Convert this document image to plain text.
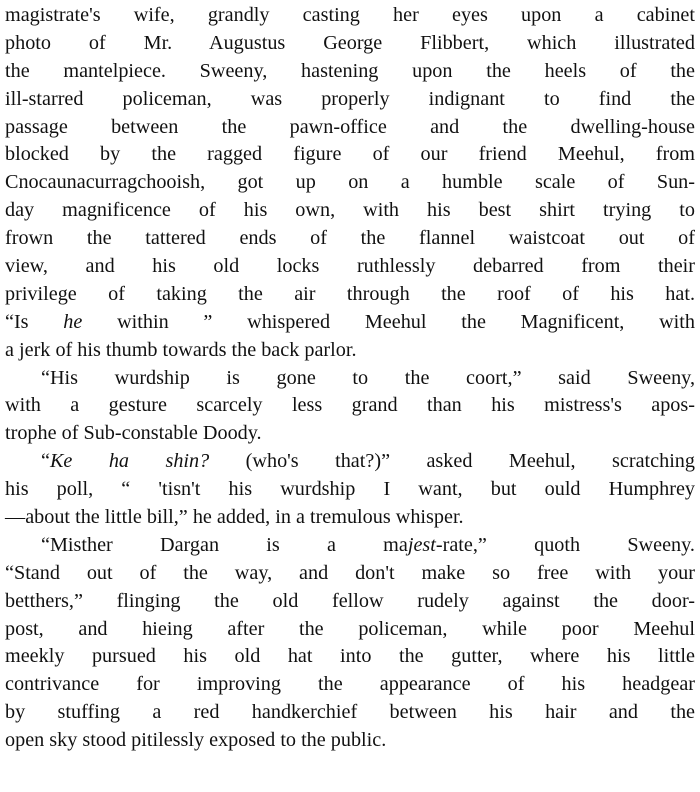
magistrate's wife, grandly casting her eyes upon a cabinet
photo of Mr. Augustus George Flibbert, which illustrated
the mantelpiece. Sweeny, hastening upon the heels of the
ill-starred policeman, was properly indignant to find the
passage between the pawn-office and the dwelling-house
blocked by the ragged figure of our friend Meehul, from
Cnocaunacurragchooish, got up on a humble scale of Sun-
day magnificence of his own, with his best shirt trying to
frown the tattered ends of the flannel waistcoat out of
view, and his old locks ruthlessly debarred from their
privilege of taking the air through the roof of his hat.
“Is he within ” whispered Meehul the Magnificent, with
a jerk of his thumb towards the back parlor.
“His wurdship is gone to the coort,” said Sweeny,
with a gesture scarcely less grand than his mistress's apos-
trophe of Sub-constable Doody.
“Ke ha shin? (who's that?)” asked Meehul, scratching
his poll, “ 'tisn't his wurdship I want, but ould Humphrey
—about the little bill,” he added, in a tremulous whisper.
“Misther Dargan is a majest-rate,” quoth Sweeny.
“Stand out of the way, and don't make so free with your
betthers,” flinging the old fellow rudely against the door-
post, and hieing after the policeman, while poor Meehul
meekly pursued his old hat into the gutter, where his little
contrivance for improving the appearance of his headgear
by stuffing a red handkerchief between his hair and the
open sky stood pitilessly exposed to the public.
